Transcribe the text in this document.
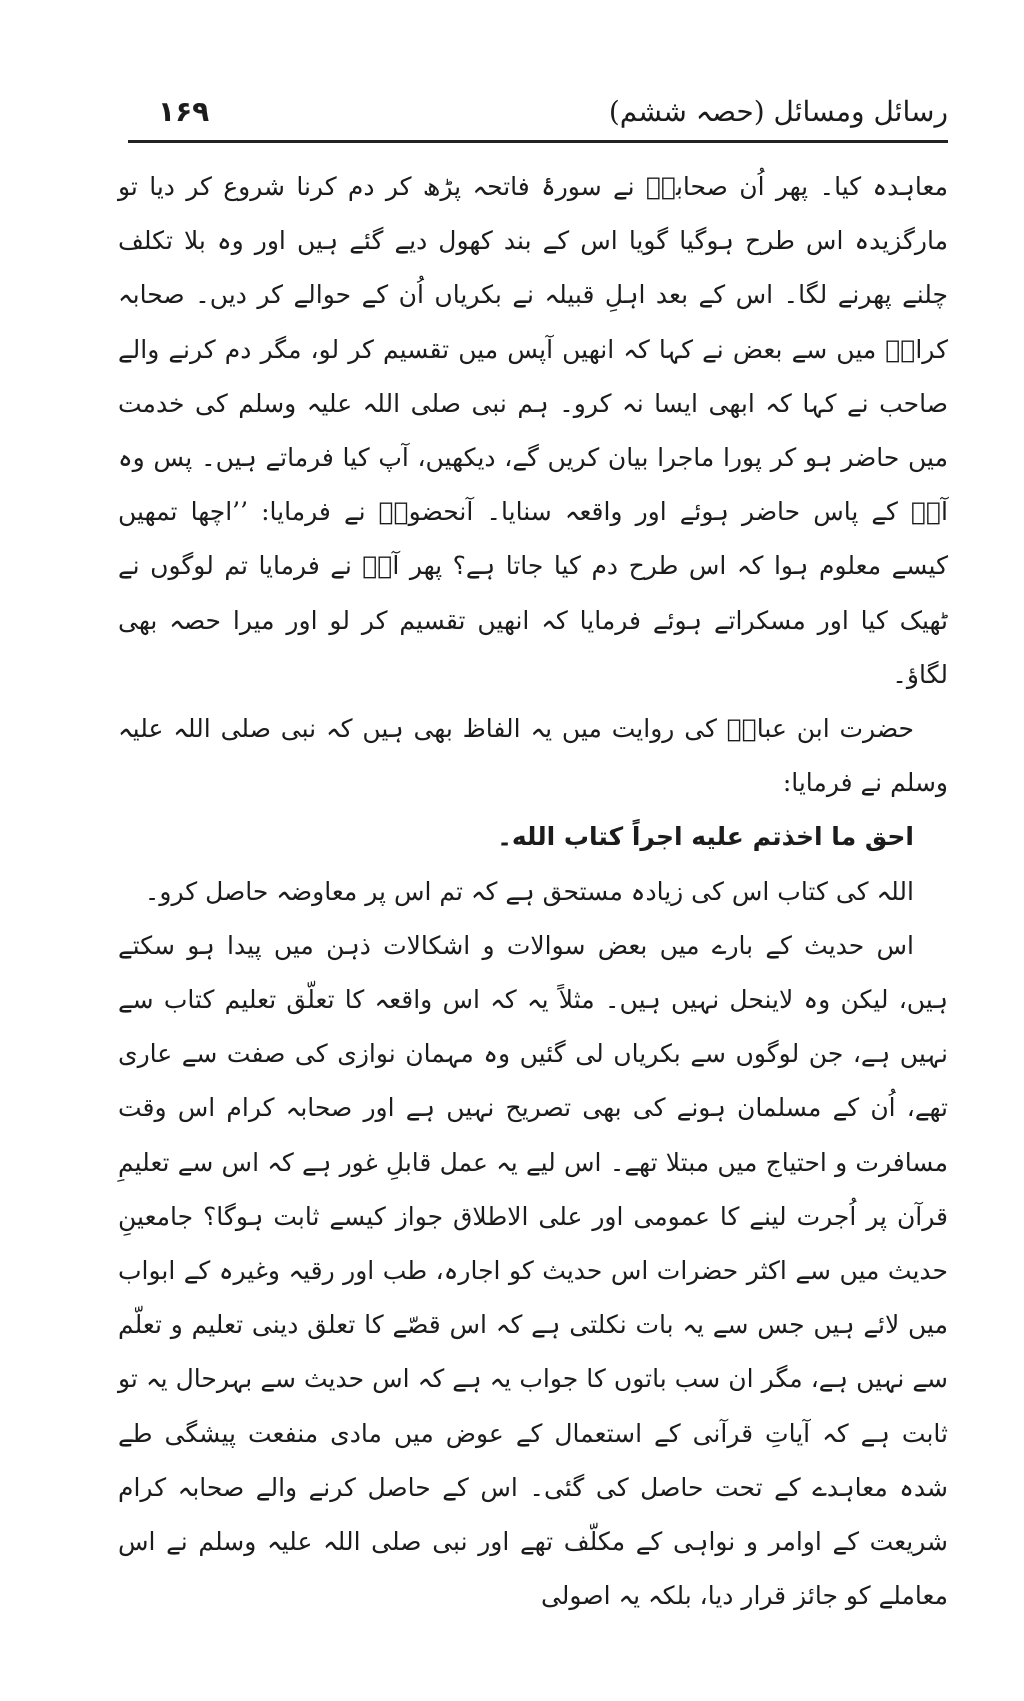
رسائل ومسائل (حصہ ششم)
۱۶۹

معاہدہ کیا۔ پھر اُن صحابیؓ نے سورۂ فاتحہ پڑھ کر دم کرنا شروع کر دیا تو مارگزیدہ اس طرح ہوگیا گویا اس کے بند کھول دیے گئے ہیں اور وہ بلا تکلف چلنے پھرنے لگا۔ اس کے بعد اہلِ قبیلہ نے بکریاں اُن کے حوالے کر دیں۔ صحابہ کرامؓ میں سے بعض نے کہا کہ انھیں آپس میں تقسیم کر لو، مگر دم کرنے والے صاحب نے کہا کہ ابھی ایسا نہ کرو۔ ہم نبی صلی اللہ علیہ وسلم کی خدمت میں حاضر ہو کر پورا ماجرا بیان کریں گے، دیکھیں، آپ کیا فرماتے ہیں۔ پس وہ آپؐ کے پاس حاضر ہوئے اور واقعہ سنایا۔ آنحضورؐ نے فرمایا: ’’اچھا تمھیں کیسے معلوم ہوا کہ اس طرح دم کیا جاتا ہے؟ پھر آپؐ نے فرمایا تم لوگوں نے ٹھیک کیا اور مسکراتے ہوئے فرمایا کہ انھیں تقسیم کر لو اور میرا حصہ بھی لگاؤ۔

حضرت ابن عباسؓ کی روایت میں یہ الفاظ بھی ہیں کہ نبی صلی اللہ علیہ وسلم نے فرمایا:

احق ما اخذتم علیه اجراً کتاب الله۔

اللہ کی کتاب اس کی زیادہ مستحق ہے کہ تم اس پر معاوضہ حاصل کرو۔

اس حدیث کے بارے میں بعض سوالات و اشکالات ذہن میں پیدا ہو سکتے ہیں، لیکن وہ لاینحل نہیں ہیں۔ مثلاً یہ کہ اس واقعہ کا تعلّق تعلیم کتاب سے نہیں ہے، جن لوگوں سے بکریاں لی گئیں وہ مہمان نوازی کی صفت سے عاری تھے، اُن کے مسلمان ہونے کی بھی تصریح نہیں ہے اور صحابہ کرام اس وقت مسافرت و احتیاج میں مبتلا تھے۔ اس لیے یہ عمل قابلِ غور ہے کہ اس سے تعلیمِ قرآن پر اُجرت لینے کا عمومی اور علی الاطلاق جواز کیسے ثابت ہوگا؟ جامعینِ حدیث میں سے اکثر حضرات اس حدیث کو اجارہ، طب اور رقیہ وغیرہ کے ابواب میں لائے ہیں جس سے یہ بات نکلتی ہے کہ اس قصّے کا تعلق دینی تعلیم و تعلّم سے نہیں ہے، مگر ان سب باتوں کا جواب یہ ہے کہ اس حدیث سے بہرحال یہ تو ثابت ہے کہ آیاتِ قرآنی کے استعمال کے عوض میں مادی منفعت پیشگی طے شدہ معاہدے کے تحت حاصل کی گئی۔ اس کے حاصل کرنے والے صحابہ کرام شریعت کے اوامر و نواہی کے مکلّف تھے اور نبی صلی اللہ علیہ وسلم نے اس معاملے کو جائز قرار دیا، بلکہ یہ اصولی
